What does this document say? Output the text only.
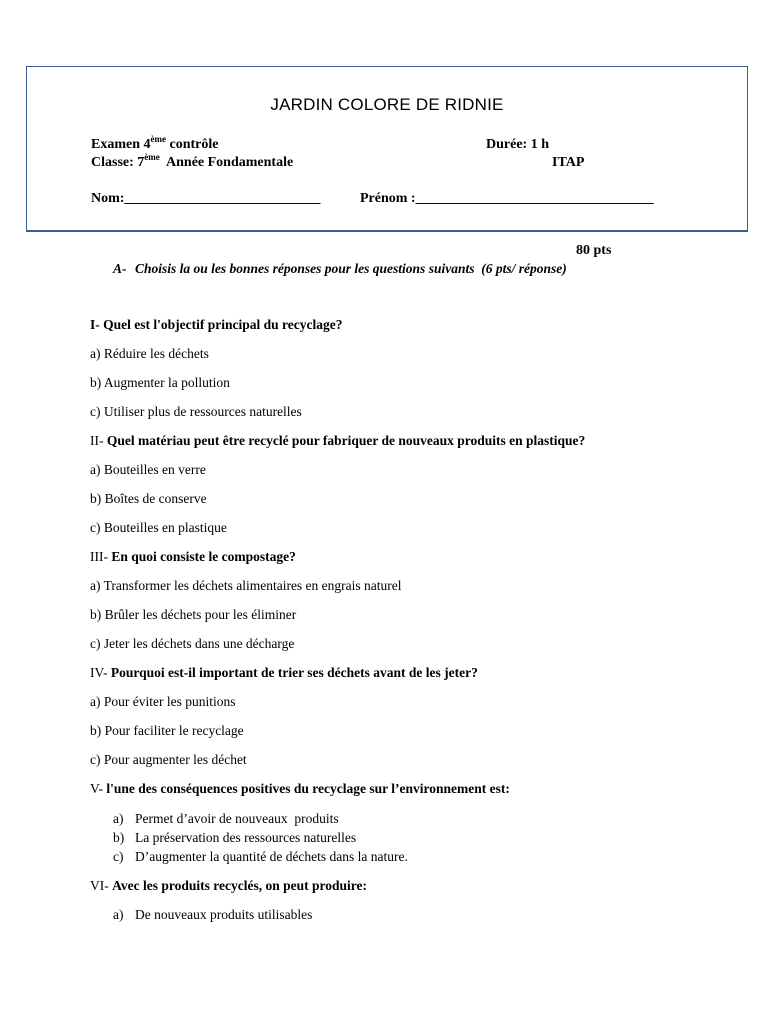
JARDIN COLORE DE RIDNIE
Examen 4ème contrôle	Durée: 1 h
Classe: 7ème  Année Fondamentale	ITAP
Nom:____________________________	Prénom :__________________________________
80 pts
A- Choisis la ou les bonnes réponses pour les questions suivants  (6 pts/ réponse)
I- Quel est l'objectif principal du recyclage?
a) Réduire les déchets
b) Augmenter la pollution
c) Utiliser plus de ressources naturelles
II- Quel matériau peut être recyclé pour fabriquer de nouveaux produits en plastique?
a) Bouteilles en verre
b) Boîtes de conserve
c) Bouteilles en plastique
III- En quoi consiste le compostage?
a) Transformer les déchets alimentaires en engrais naturel
b) Brûler les déchets pour les éliminer
c) Jeter les déchets dans une décharge
IV- Pourquoi est-il important de trier ses déchets avant de les jeter?
a) Pour éviter les punitions
b) Pour faciliter le recyclage
c) Pour augmenter les déchet
V- l'une des conséquences positives du recyclage sur l’environnement est:
a) Permet d’avoir de nouveaux  produits
b) La préservation des ressources naturelles
c) D’augmenter la quantité de déchets dans la nature.
VI- Avec les produits recyclés, on peut produire:
a) De nouveaux produits utilisables
